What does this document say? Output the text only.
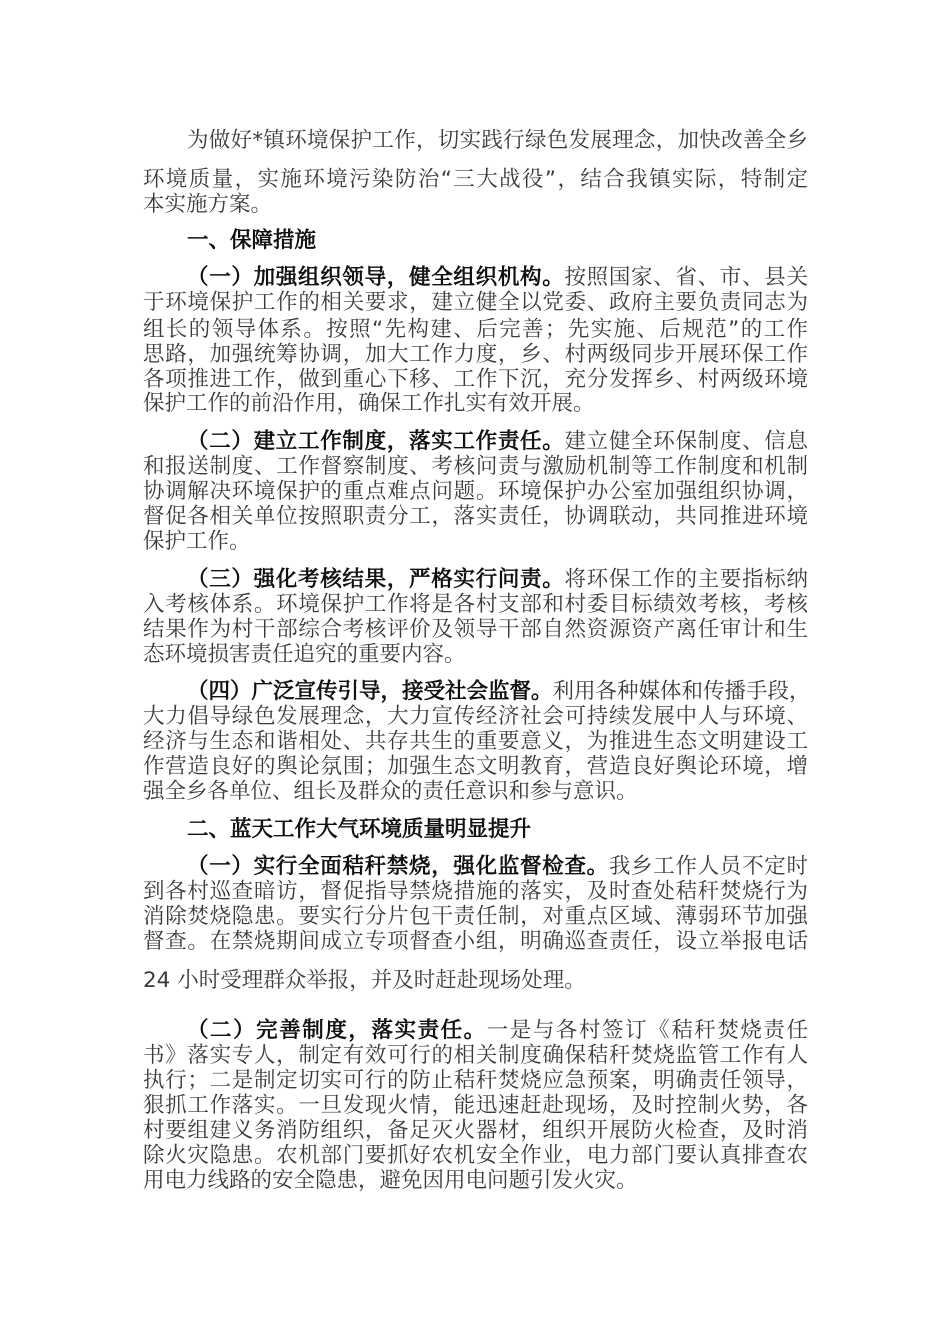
为做好*镇环境保护工作，切实践行绿色发展理念，加快改善全乡
环境质量，实施环境污染防治“三大战役”，结合我镇实际，特制定
本实施方案。
一、保障措施
（一）加强组织领导，健全组织机构。按照国家、省、市、县关
于环境保护工作的相关要求，建立健全以党委、政府主要负责同志为
组长的领导体系。按照“先构建、后完善；先实施、后规范”的工作
思路，加强统筹协调，加大工作力度，乡、村两级同步开展环保工作
各项推进工作，做到重心下移、工作下沉，充分发挥乡、村两级环境
保护工作的前沿作用，确保工作扎实有效开展。
（二）建立工作制度，落实工作责任。建立健全环保制度、信息
和报送制度、工作督察制度、考核问责与激励机制等工作制度和机制
协调解决环境保护的重点难点问题。环境保护办公室加强组织协调，
督促各相关单位按照职责分工，落实责任，协调联动，共同推进环境
保护工作。
（三）强化考核结果，严格实行问责。将环保工作的主要指标纳
入考核体系。环境保护工作将是各村支部和村委目标绩效考核，考核
结果作为村干部综合考核评价及领导干部自然资源资产离任审计和生
态环境损害责任追究的重要内容。
（四）广泛宣传引导，接受社会监督。利用各种媒体和传播手段，
大力倡导绿色发展理念，大力宣传经济社会可持续发展中人与环境、
经济与生态和谐相处、共存共生的重要意义，为推进生态文明建设工
作营造良好的舆论氛围；加强生态文明教育，营造良好舆论环境，增
强全乡各单位、组长及群众的责任意识和参与意识。
二、蓝天工作大气环境质量明显提升
（一）实行全面秸秆禁烧，强化监督检查。我乡工作人员不定时
到各村巡查暗访，督促指导禁烧措施的落实，及时查处秸秆焚烧行为
消除焚烧隐患。要实行分片包干责任制，对重点区域、薄弱环节加强
督查。在禁烧期间成立专项督查小组，明确巡查责任，设立举报电话
24 小时受理群众举报，并及时赶赴现场处理。
（二）完善制度，落实责任。一是与各村签订《秸秆焚烧责任
书》落实专人，制定有效可行的相关制度确保秸秆焚烧监管工作有人
执行；二是制定切实可行的防止秸秆焚烧应急预案，明确责任领导，
狠抓工作落实。一旦发现火情，能迅速赶赴现场，及时控制火势，各
村要组建义务消防组织，备足灭火器材，组织开展防火检查，及时消
除火灾隐患。农机部门要抓好农机安全作业，电力部门要认真排查农
用电力线路的安全隐患，避免因用电问题引发火灾。
